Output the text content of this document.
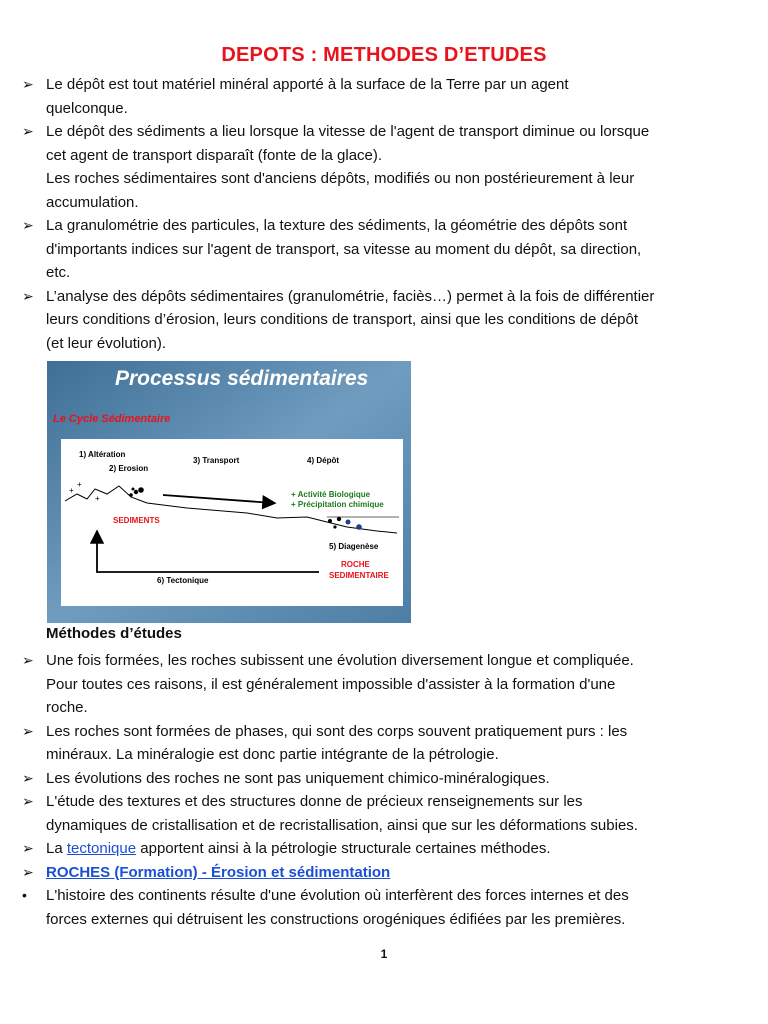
DEPOTS : METHODES D’ETUDES
➢ Le dépôt est tout matériel minéral apporté à la surface de la Terre par un agent
quelconque.
➢ Le dépôt des sédiments a lieu lorsque la vitesse de l'agent de transport diminue ou lorsque
cet agent de transport disparaît (fonte de la glace).
Les roches sédimentaires sont d'anciens dépôts, modifiés ou non postérieurement à leur
accumulation.
➢ La granulométrie des particules, la texture des sédiments, la géométrie des dépôts sont
d'importants indices sur l'agent de transport, sa vitesse au moment du dépôt, sa direction,
etc.
➢ L’analyse des dépôts sédimentaires (granulométrie, faciès…) permet à la fois de différentier
leurs conditions d’érosion, leurs conditions de transport, ainsi que les conditions de dépôt
(et leur évolution).
Processus sédimentaires
Le Cycle Sédimentaire
+
+
+
1) Altération
2) Erosion
3) Transport	4) Dépôt
+ Activité Biologique
+ Précipitation chimique
SEDIMENTS
5) Diagenèse
ROCHE
SEDIMENTAIRE
6) Tectonique
Méthodes d’études
➢ Une fois formées, les roches subissent une évolution diversement longue et compliquée.
Pour toutes ces raisons, il est généralement impossible d'assister à la formation d'une
roche.
➢ Les roches sont formées de phases, qui sont des corps souvent pratiquement purs : les
minéraux. La minéralogie est donc partie intégrante de la pétrologie.
➢ Les évolutions des roches ne sont pas uniquement chimico-minéralogiques.
➢ L'étude des textures et des structures donne de précieux renseignements sur les
dynamiques de cristallisation et de recristallisation, ainsi que sur les déformations subies.
➢ La tectonique apportent ainsi à la pétrologie structurale certaines méthodes.
➢ ROCHES (Formation) - Érosion et sédimentation
•	L'histoire des continents résulte d'une évolution où interfèrent des forces internes et des
forces externes qui détruisent les constructions orogéniques édifiées par les premières.
1
